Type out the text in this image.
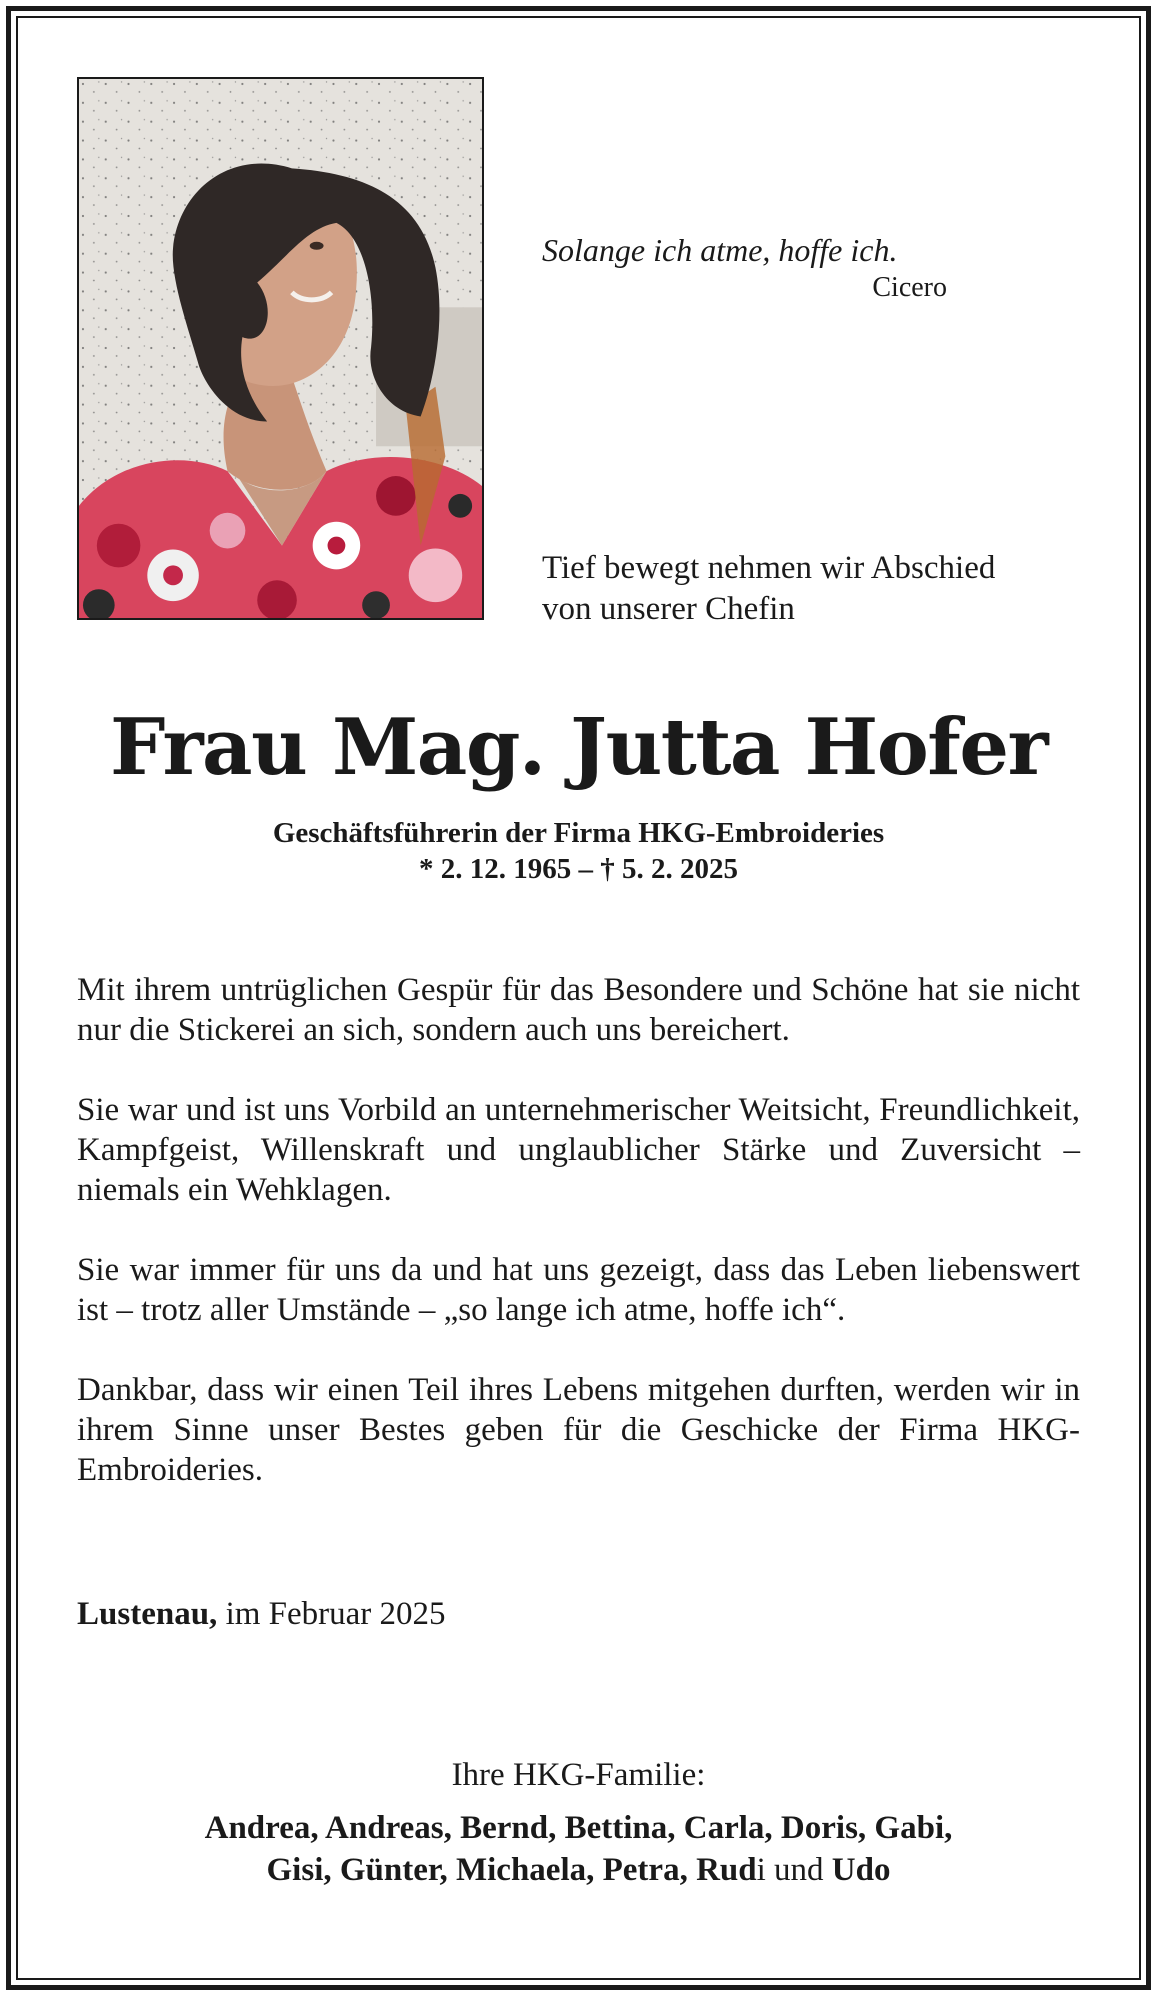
Solange ich atme, hoffe ich.
Cicero
Tief bewegt nehmen wir Abschied
von unserer Chefin
Frau Mag. Jutta Hofer
Geschäftsführerin der Firma HKG-Embroideries
* 2. 12. 1965 – † 5. 2. 2025

Mit ihrem untrüglichen Gespür für das Besondere und Schöne hat sie nicht nur die Stickerei an sich, sondern auch uns bereichert.

Sie war und ist uns Vorbild an unternehmerischer Weitsicht, Freundlichkeit, Kampfgeist, Willenskraft und unglaublicher Stärke und Zuversicht – niemals ein Wehklagen.

Sie war immer für uns da und hat uns gezeigt, dass das Leben liebenswert ist – trotz aller Umstände – „so lange ich atme, hoffe ich“.

Dankbar, dass wir einen Teil ihres Lebens mitgehen durften, werden wir in ihrem Sinne unser Bestes geben für die Geschicke der Firma HKG-Embroideries.

Lustenau, im Februar 2025
Ihre HKG-Familie:
Andrea, Andreas, Bernd, Bettina, Carla, Doris, Gabi,
Gisi, Günter, Michaela, Petra, Rudi und Udo
